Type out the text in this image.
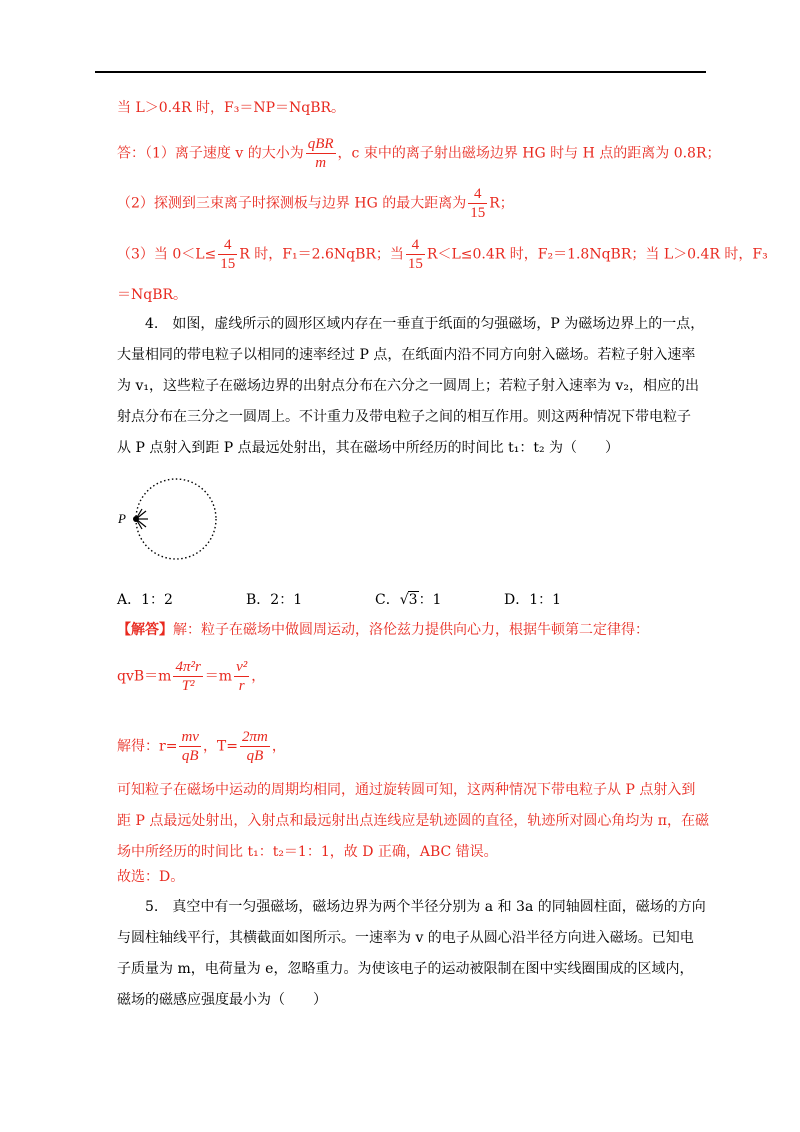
当 L＞0.4R 时，F₃＝NP＝NqBR。
答：（1）离子速度 v 的大小为 $\frac{\text{qBR}}{m}$ ，c 束中的离子射出磁场边界 HG 时与 H 点的距离为 0.8R；
（2）探测到三束离子时探测板与边界 HG 的最大距离为 $\frac{4}{15}$ R；
（3）当 $0<L\le \frac{4}{15}$ R 时，F₁＝2.6NqBR；当 $\frac{4}{15} R<L\le 0.4R$ 时，F₂＝1.8NqBR；当 L＞0.4R 时，F₃
＝NqBR。
4.　如图，虚线所示的圆形区域内存在一垂直于纸面的匀强磁场，P 为磁场边界上的一点，
大量相同的带电粒子以相同的速率经过 P 点，在纸面内沿不同方向射入磁场。若粒子射入速率
为 v₁，这些粒子在磁场边界的出射点分布在六分之一圆周上；若粒子射入速率为 v₂，相应的出
射点分布在三分之一圆周上。不计重力及带电粒子之间的相互作用。则这两种情况下带电粒子
从 P 点射入到距 P 点最远处射出，其在磁场中所经历的时间比 t₁：t₂ 为（　　）
P
A．1：2	B．2：1	C．√3：1	D．1：1
【解答】解：粒子在磁场中做圆周运动，洛伦兹力提供向心力，根据牛顿第二定律得：
$qvB=m \frac{\text{4π²r}}{\text{T²}} =m \frac{\text{v²}}{r}$ ，
解得：$r= \frac{mv}{qB}$ ，$T= \frac{2\pi m}{qB}$ ，
可知粒子在磁场中运动的周期均相同，通过旋转圆可知，这两种情况下带电粒子从 P 点射入到
距 P 点最远处射出，入射点和最远射出点连线应是轨迹圆的直径，轨迹所对圆心角均为 π，在磁
场中所经历的时间比 t₁：t₂＝1：1，故 D 正确，ABC 错误。
故选：D。
5.　真空中有一匀强磁场，磁场边界为两个半径分别为 a 和 3a 的同轴圆柱面，磁场的方向
与圆柱轴线平行，其横截面如图所示。一速率为 v 的电子从圆心沿半径方向进入磁场。已知电
子质量为 m，电荷量为 e，忽略重力。为使该电子的运动被限制在图中实线圈围成的区域内，
磁场的磁感应强度最小为（　　）
